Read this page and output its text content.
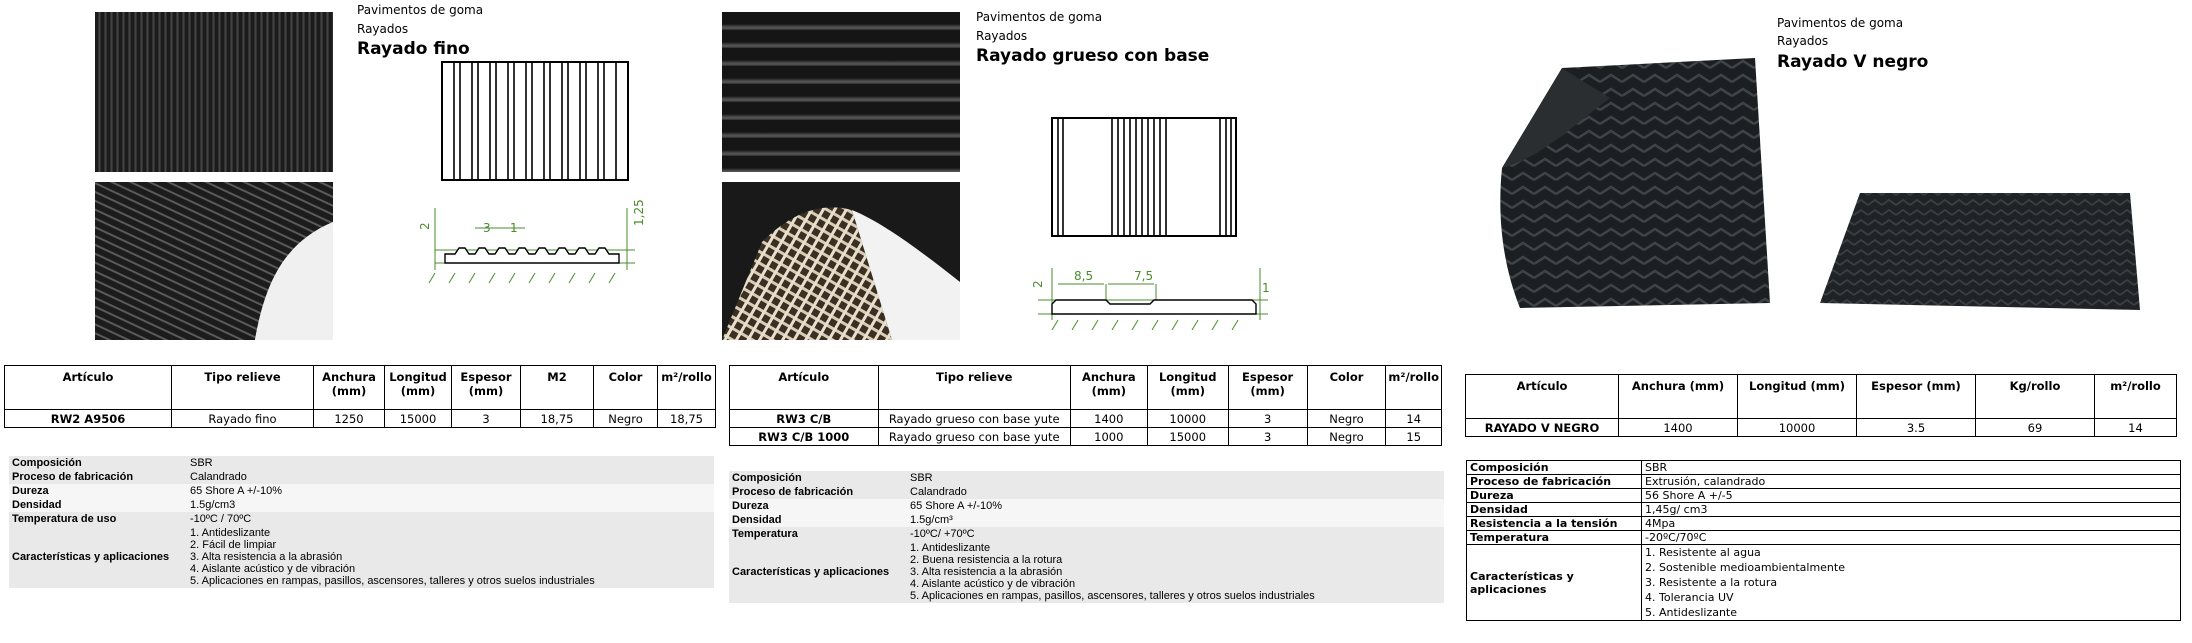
Pavimentos de goma
Rayados
Rayado fino
3 1
2
1,25
Artículo	Tipo relieve	Anchura (mm)	Longitud (mm)	Espesor (mm)	M2	Color	m²/rollo
RW2 A9506	Rayado fino	1250	15000	3	18,75	Negro	18,75
Composición	SBR
Proceso de fabricación	Calandrado
Dureza	65 Shore A +/-10%
Densidad	1.5g/cm3
Temperatura de uso	-10ºC / 70ºC
Características y aplicaciones	1. Antideslizante
2. Fácil de limpiar
3. Alta resistencia a la abrasión
4. Aislante acústico y de vibración
5. Aplicaciones en rampas, pasillos, ascensores, talleres y otros suelos industriales
Pavimentos de goma
Rayados
Rayado grueso con base
8,5	7,5
2	1
Artículo	Tipo relieve	Anchura (mm)	Longitud (mm)	Espesor (mm)	Color	m²/rollo
RW3 C/B	Rayado grueso con base yute	1400	10000	3	Negro	14
RW3 C/B 1000	Rayado grueso con base yute	1000	15000	3	Negro	15
Composición	SBR
Proceso de fabricación	Calandrado
Dureza	65 Shore A +/-10%
Densidad	1.5g/cm³
Temperatura	-10ºC/ +70ºC
Características y aplicaciones	1. Antideslizante
2. Buena resistencia a la rotura
3. Alta resistencia a la abrasión
4. Aislante acústico y de vibración
5. Aplicaciones en rampas, pasillos, ascensores, talleres y otros suelos industriales
Pavimentos de goma
Rayados
Rayado V negro
Artículo	Anchura (mm)	Longitud (mm)	Espesor (mm)	Kg/rollo	m²/rollo
RAYADO V NEGRO	1400	10000	3.5	69	14
Composición	SBR
Proceso de fabricación	Extrusión, calandrado
Dureza	56 Shore A +/-5
Densidad	1,45g/ cm3
Resistencia a la tensión	4Mpa
Temperatura	-20ºC/70ºC
Características y aplicaciones	1. Resistente al agua
2. Sostenible medioambientalmente
3. Resistente a la rotura
4. Tolerancia UV
5. Antideslizante
